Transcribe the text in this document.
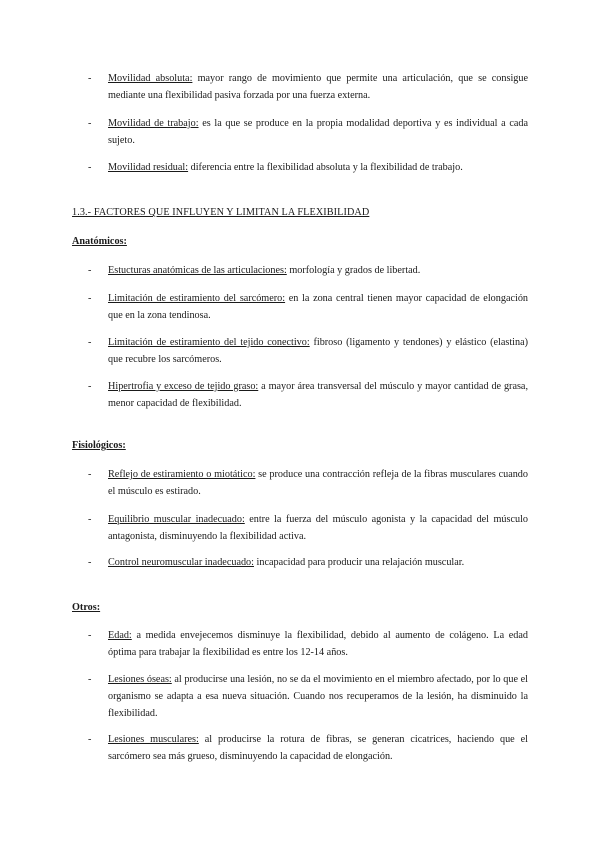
- Movilidad absoluta: mayor rango de movimiento que permite una articulación, que se consigue mediante una flexibilidad pasiva forzada por una fuerza externa.
- Movilidad de trabajo: es la que se produce en la propia modalidad deportiva y es individual a cada sujeto.
- Movilidad residual: diferencia entre la flexibilidad absoluta y la flexibilidad de trabajo.
1.3.- FACTORES QUE INFLUYEN Y LIMITAN LA FLEXIBILIDAD
Anatómicos:
- Estucturas anatómicas de las articulaciones: morfología y grados de libertad.
- Limitación de estiramiento del sarcómero: en la zona central tienen mayor capacidad de elongación que en la zona tendinosa.
- Limitación de estiramiento del tejido conectivo: fibroso (ligamento y tendones) y elástico (elastina) que recubre los sarcómeros.
- Hipertrofia y exceso de tejido graso: a mayor área transversal del músculo y mayor cantidad de grasa, menor capacidad de flexibilidad.
Fisiológicos:
- Reflejo de estiramiento o miotático: se produce una contracción refleja de la fibras musculares cuando el músculo es estirado.
- Equilibrio muscular inadecuado: entre la fuerza del músculo agonista y la capacidad del músculo antagonista, disminuyendo la flexibilidad activa.
- Control neuromuscular inadecuado: incapacidad para producir una relajación muscular.
Otros:
- Edad: a medida envejecemos disminuye la flexibilidad, debido al aumento de colágeno. La edad óptima para trabajar la flexibilidad es entre los 12-14 años.
- Lesiones óseas: al producirse una lesión, no se da el movimiento en el miembro afectado, por lo que el organismo se adapta a esa nueva situación. Cuando nos recuperamos de la lesión, ha disminuido la flexibilidad.
- Lesiones musculares: al producirse la rotura de fibras, se generan cicatrices, haciendo que el sarcómero sea más grueso, disminuyendo la capacidad de elongación.
